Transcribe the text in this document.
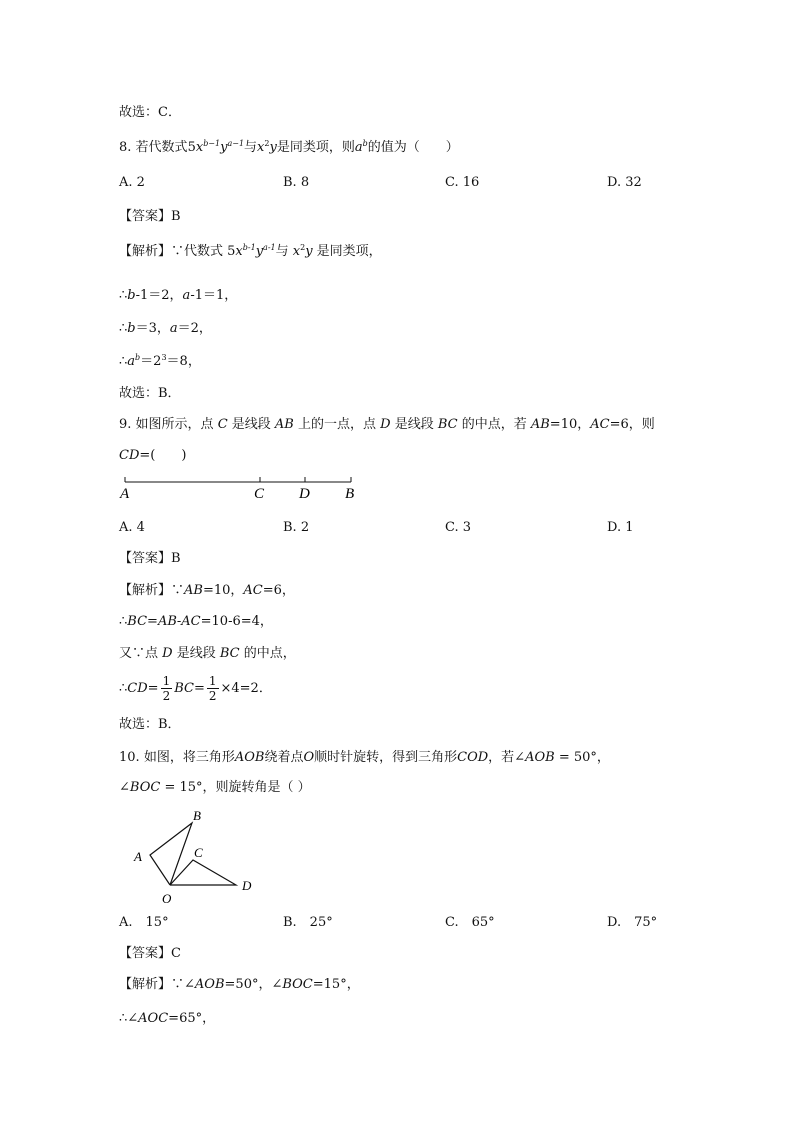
故选：C．
8. 若代数式$5x^{b-1}y^{a-1}$与$x^2y$是同类项，则$a^b$的值为（　　）
A. 2	B. 8	C. 16	D. 32
【答案】B
【解析】∵代数式 $5x^{b-1}y^{a-1}$与 $x^2y$ 是同类项，
∴b-1＝2，a-1＝1，
∴b＝3，a＝2，
$\therefore a^b=2^3=8$，
故选：B．
9. 如图所示，点 C 是线段 AB 上的一点，点 D 是线段 BC 的中点，若 AB=10，AC=6，则
CD=(　　)
A	C D B
A. 4	B. 2	C. 3	D. 1
【答案】B
【解析】∵AB=10，AC=6，
∴BC=AB-AC=10-6=4，
又∵点 D 是线段 BC 的中点，
∴CD= $\frac{1}{2} BC= \frac{1}{2} \times 4=2$．
故选：B．
10. 如图，将三角形AOB绕着点O顺时针旋转，得到三角形COD，若∠AOB = 50°，
∠BOC = 15°，则旋转角是（ ）
B
A	C
O
D
A.　15°	B.　25°	C.　65°	D.　75°
【答案】C
【解析】∵∠AOB=50°，∠BOC=15°，
∴∠AOC=65°，
